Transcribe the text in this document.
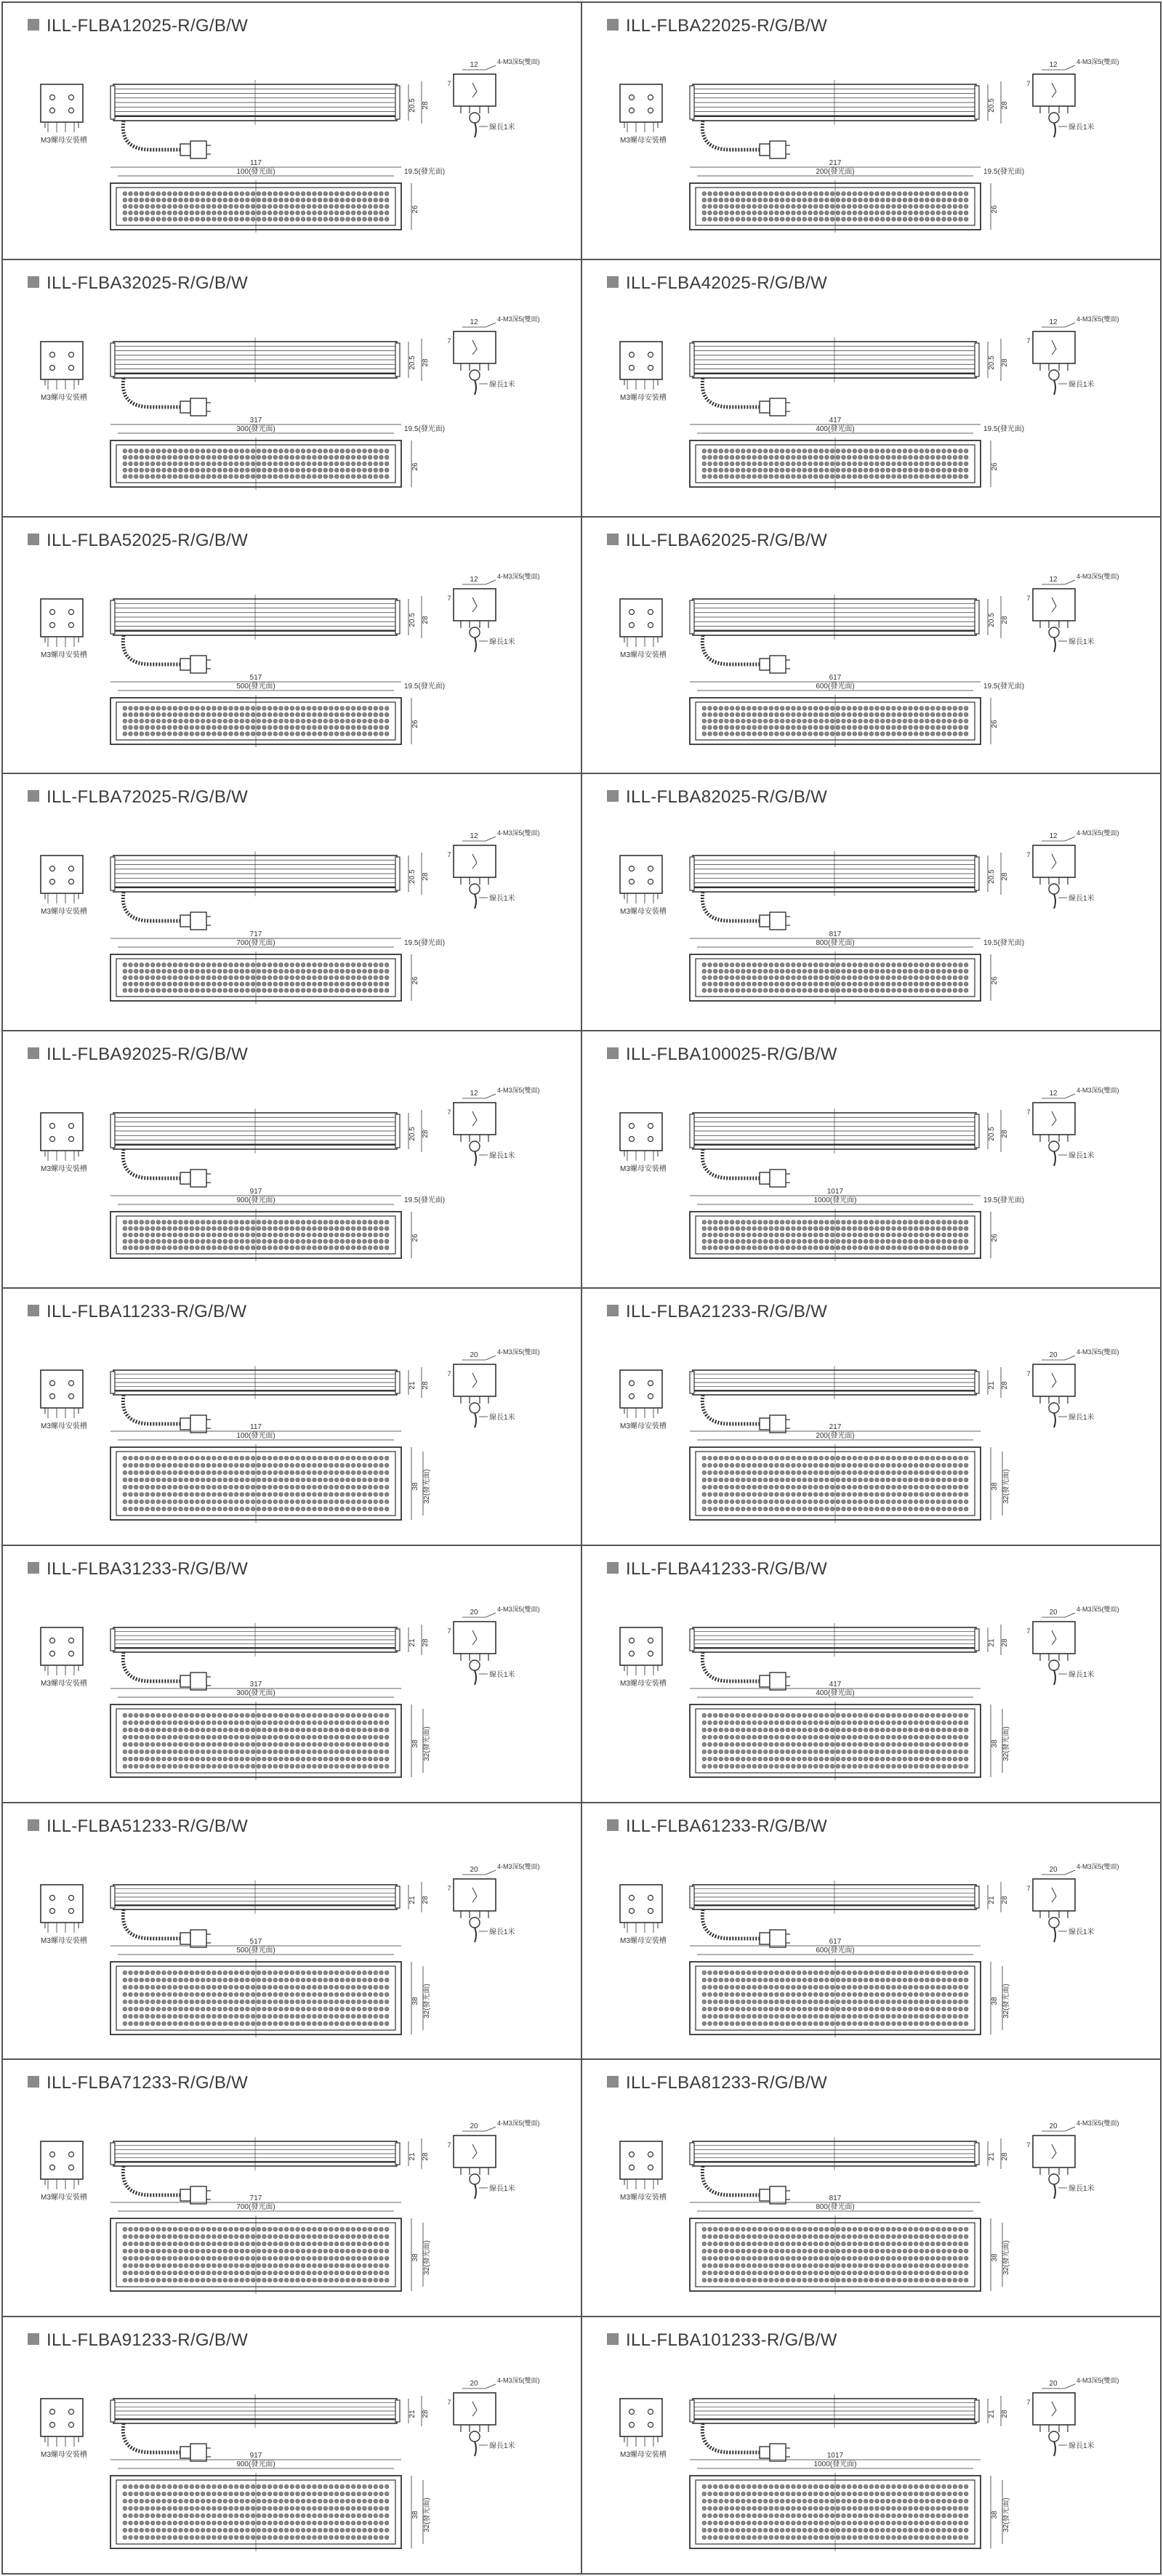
ILL-FLBA12025-R/G/B/W
M3螺母安裝槽
20.5 28
12	4-M3深5(雙面)
7
線長1米
117
100(發光面)	19.5(發光面)
26
ILL-FLBA22025-R/G/B/W
M3螺母安裝槽
20.5 28
12	4-M3深5(雙面)
7
線長1米
217
200(發光面)	19.5(發光面)
26
ILL-FLBA32025-R/G/B/W
M3螺母安裝槽
20.5 28
12	4-M3深5(雙面)
7
線長1米
317
300(發光面)	19.5(發光面)
26
ILL-FLBA42025-R/G/B/W
M3螺母安裝槽
20.5 28
12	4-M3深5(雙面)
7
線長1米
417
400(發光面)	19.5(發光面)
26
ILL-FLBA52025-R/G/B/W
M3螺母安裝槽
20.5 28
12	4-M3深5(雙面)
7
線長1米
517
500(發光面)	19.5(發光面)
26
ILL-FLBA62025-R/G/B/W
M3螺母安裝槽
20.5 28
12	4-M3深5(雙面)
7
線長1米
617
600(發光面)	19.5(發光面)
26
ILL-FLBA72025-R/G/B/W
M3螺母安裝槽
20.5 28
12	4-M3深5(雙面)
7
線長1米
717
700(發光面)	19.5(發光面)
26
ILL-FLBA82025-R/G/B/W
M3螺母安裝槽
20.5 28
12	4-M3深5(雙面)
7
線長1米
817
800(發光面)	19.5(發光面)
26
ILL-FLBA92025-R/G/B/W
M3螺母安裝槽
20.5 28
12	4-M3深5(雙面)
7
線長1米
917
900(發光面)	19.5(發光面)
26
ILL-FLBA100025-R/G/B/W
M3螺母安裝槽
20.5 28
12	4-M3深5(雙面)
7
線長1米
1017
1000(發光面)	19.5(發光面)
26
ILL-FLBA11233-R/G/B/W
M3螺母安裝槽
21 28
20	4-M3深5(雙面)
7
線長1米
117
100(發光面)
38 32(發光面)
ILL-FLBA21233-R/G/B/W
M3螺母安裝槽
21 28
20	4-M3深5(雙面)
7
線長1米
217
200(發光面)
38 32(發光面)
ILL-FLBA31233-R/G/B/W
M3螺母安裝槽
21 28
20	4-M3深5(雙面)
7
線長1米
317
300(發光面)
38 32(發光面)
ILL-FLBA41233-R/G/B/W
M3螺母安裝槽
21 28
20	4-M3深5(雙面)
7
線長1米
417
400(發光面)
38 32(發光面)
ILL-FLBA51233-R/G/B/W
M3螺母安裝槽
21 28
20	4-M3深5(雙面)
7
線長1米
517
500(發光面)
38 32(發光面)
ILL-FLBA61233-R/G/B/W
M3螺母安裝槽
21 28
20	4-M3深5(雙面)
7
線長1米
617
600(發光面)
38 32(發光面)
ILL-FLBA71233-R/G/B/W
M3螺母安裝槽
21 28
20	4-M3深5(雙面)
7
線長1米
717
700(發光面)
38 32(發光面)
ILL-FLBA81233-R/G/B/W
M3螺母安裝槽
21 28
20	4-M3深5(雙面)
7
線長1米
817
800(發光面)
38 32(發光面)
ILL-FLBA91233-R/G/B/W
M3螺母安裝槽
21 28
20	4-M3深5(雙面)
7
線長1米
917
900(發光面)
38 32(發光面)
ILL-FLBA101233-R/G/B/W
M3螺母安裝槽
21 28
20	4-M3深5(雙面)
7
線長1米
1017
1000(發光面)
38 32(發光面)
